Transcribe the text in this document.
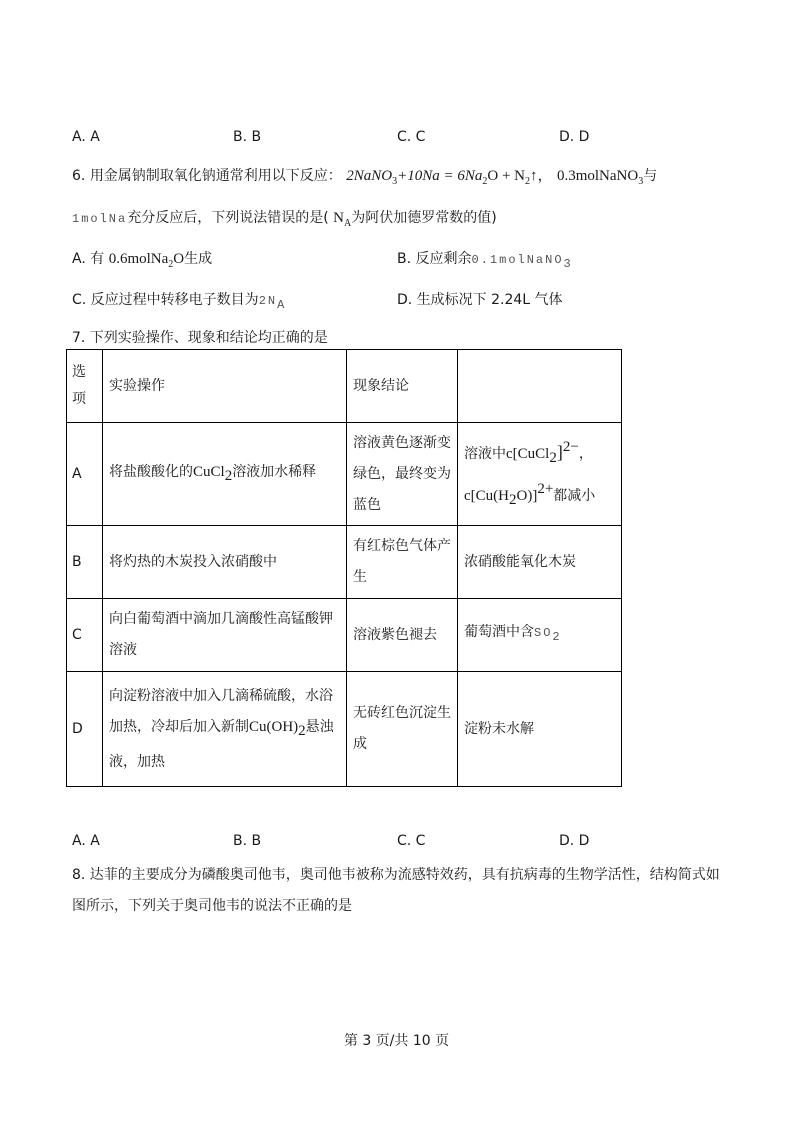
A. A	B. B	C. C	D. D
6. 用金属钠制取氧化钠通常利用以下反应： 2NaNO$_3$+10Na = $6Na_2O$ + $N_2↑$， 0.3molNaNO$_3$与
1molNa充分反应后，下列说法错误的是( $N_A$为阿伏加德罗常数的值)
A. 有 0.6molNa$_2$O生成	B. 反应剩余0.1molNaNO3
C. 反应过程中转移电子数目为2NA	D. 生成标况下 2.24L 气体
7. 下列实验操作、现象和结论均正确的是
选项	实验操作	现象结论	
A	将盐酸酸化的CuCl2溶液加水稀释	溶液黄色逐渐变绿色，最终变为蓝色	溶液中c[CuCl2]2−，
c[Cu(H2O)]2+都减小
B	将灼热的木炭投入浓硝酸中	有红棕色气体产生	浓硝酸能氧化木炭
C	向白葡萄酒中滴加几滴酸性高锰酸钾溶液	溶液紫色褪去	葡萄酒中含SO2
D	向淀粉溶液中加入几滴稀硫酸，水浴加热，冷却后加入新制Cu(OH)2悬浊液，加热	无砖红色沉淀生成	淀粉未水解
A. A	B. B	C. C	D. D
8. 达菲的主要成分为磷酸奥司他韦，奥司他韦被称为流感特效药，具有抗病毒的生物学活性，结构简式如
图所示，下列关于奥司他韦的说法不正确的是
第 3 页/共 10 页
